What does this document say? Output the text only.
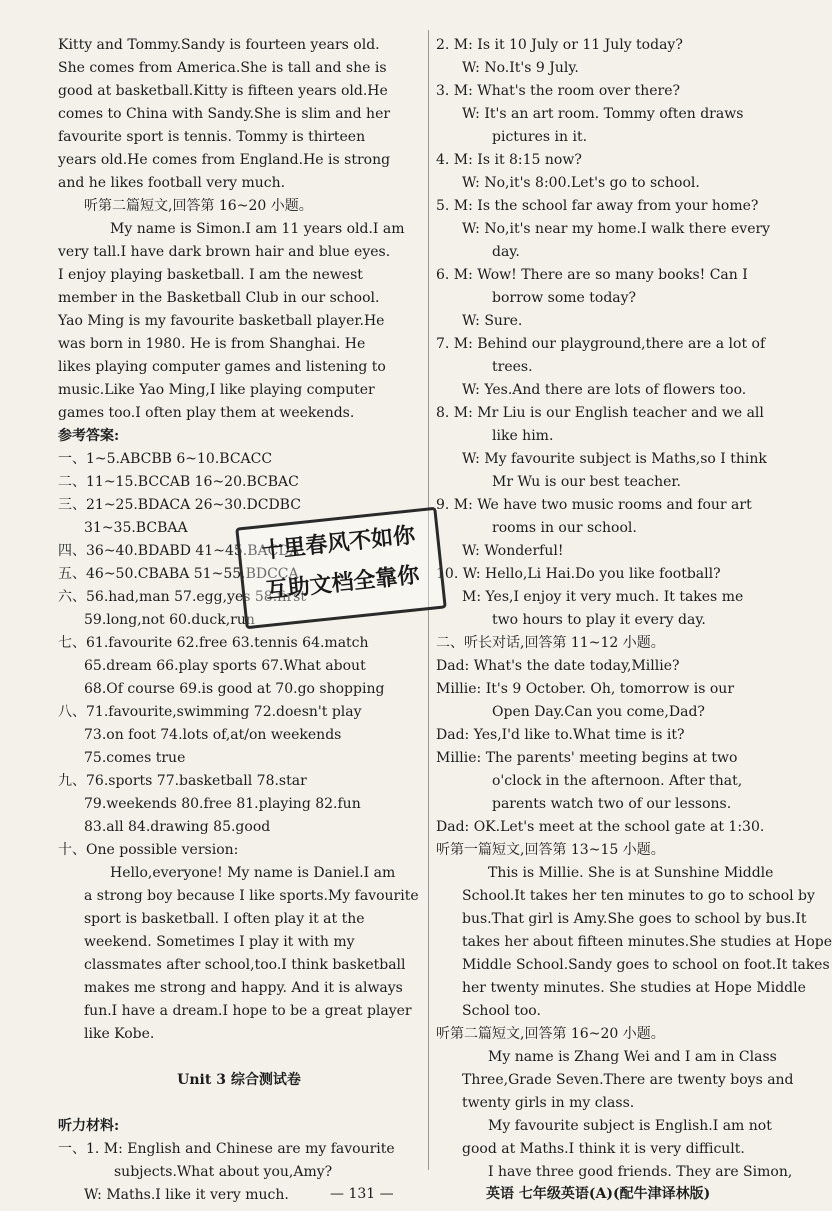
Kitty and Tommy.Sandy is fourteen years old.
She comes from America.She is tall and she is
good at basketball.Kitty is fifteen years old.He
comes to China with Sandy.She is slim and her
favourite sport is tennis. Tommy is thirteen
years old.He comes from England.He is strong
and he likes football very much.
听第二篇短文,回答第 16~20 小题。
My name is Simon.I am 11 years old.I am
very tall.I have dark brown hair and blue eyes.
I enjoy playing basketball. I am the newest
member in the Basketball Club in our school.
Yao Ming is my favourite basketball player.He
was born in 1980. He is from Shanghai. He
likes playing computer games and listening to
music.Like Yao Ming,I like playing computer
games too.I often play them at weekends.
参考答案:
一、1~5.ABCBB 6~10.BCACC
二、11~15.BCCAB 16~20.BCBAC
三、21~25.BDACA 26~30.DCDBC
31~35.BCBAA
四、36~40.BDABD 41~45.BACDA
五、46~50.CBABA 51~55.BDCCA
六、56.had,man 57.egg,yes 58.first
59.long,not 60.duck,run
七、61.favourite 62.free 63.tennis 64.match
65.dream 66.play sports 67.What about
68.Of course 69.is good at 70.go shopping
八、71.favourite,swimming 72.doesn't play
73.on foot 74.lots of,at/on weekends
75.comes true
九、76.sports 77.basketball 78.star
79.weekends 80.free 81.playing 82.fun
83.all 84.drawing 85.good
十、One possible version:
Hello,everyone! My name is Daniel.I am
a strong boy because I like sports.My favourite
sport is basketball. I often play it at the
weekend. Sometimes I play it with my
classmates after school,too.I think basketball
makes me strong and happy. And it is always
fun.I have a dream.I hope to be a great player
like Kobe.
Unit 3 综合测试卷
听力材料:
一、1. M: English and Chinese are my favourite
subjects.What about you,Amy?
W: Maths.I like it very much.
2. M: Is it 10 July or 11 July today?
W: No.It's 9 July.
3. M: What's the room over there?
W: It's an art room. Tommy often draws
pictures in it.
4. M: Is it 8:15 now?
W: No,it's 8:00.Let's go to school.
5. M: Is the school far away from your home?
W: No,it's near my home.I walk there every
day.
6. M: Wow! There are so many books! Can I
borrow some today?
W: Sure.
7. M: Behind our playground,there are a lot of
trees.
W: Yes.And there are lots of flowers too.
8. M: Mr Liu is our English teacher and we all
like him.
W: My favourite subject is Maths,so I think
Mr Wu is our best teacher.
9. M: We have two music rooms and four art
rooms in our school.
W: Wonderful!
10. W: Hello,Li Hai.Do you like football?
M: Yes,I enjoy it very much. It takes me
two hours to play it every day.
二、听长对话,回答第 11~12 小题。
Dad: What's the date today,Millie?
Millie: It's 9 October. Oh, tomorrow is our
Open Day.Can you come,Dad?
Dad: Yes,I'd like to.What time is it?
Millie: The parents' meeting begins at two
o'clock in the afternoon. After that,
parents watch two of our lessons.
Dad: OK.Let's meet at the school gate at 1:30.
听第一篇短文,回答第 13~15 小题。
This is Millie. She is at Sunshine Middle
School.It takes her ten minutes to go to school by
bus.That girl is Amy.She goes to school by bus.It
takes her about fifteen minutes.She studies at Hope
Middle School.Sandy goes to school on foot.It takes
her twenty minutes. She studies at Hope Middle
School too.
听第二篇短文,回答第 16~20 小题。
My name is Zhang Wei and I am in Class
Three,Grade Seven.There are twenty boys and
twenty girls in my class.
My favourite subject is English.I am not
good at Maths.I think it is very difficult.
I have three good friends. They are Simon,
十里春风不如你
互助文档全靠你
— 131 —	英语 七年级英语(A)(配牛津译林版)
